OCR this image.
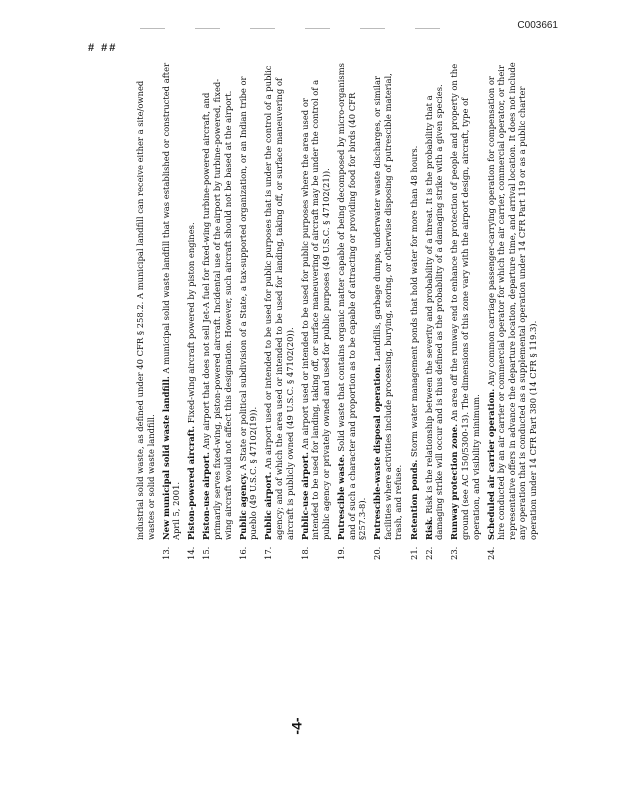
C003661
# ##
industrial solid waste, as defined under 40 CFR § 258.2. A municipal landfill can receive either a site/owned wastes or solid waste landfill.
13.
New municipal solid waste landfill. A municipal solid waste landfill that was established or constructed after April 5, 2001.
14.
Piston-powered aircraft. Fixed-wing aircraft powered by piston engines.
15.
Piston-use airport. Any airport that does not sell Jet-A fuel for fixed-wing turbine-powered aircraft, and primarily serves fixed-wing, piston-powered aircraft. Incidental use of the airport by turbine-powered, fixed-wing aircraft would not affect this designation. However, such aircraft should not be based at the airport.
16.
Public agency. A State or political subdivision of a State, a tax-supported organization, or an Indian tribe or pueblo (49 U.S.C. § 47102(19)).
17.
Public airport. An airport used or intended to be used for public purposes that is under the control of a public agency; and of which the area used or intended to be used for landing, taking off, or surface maneuvering of aircraft is publicly owned (49 U.S.C. § 47102(20)).
18.
Public-use airport. An airport used or intended to be used for public purposes where the area used or intended to be used for landing, taking off, or surface maneuvering of aircraft may be under the control of a public agency or privately owned and used for public purposes (49 U.S.C. § 47102(21)).
19.
Putrescible waste. Solid waste that contains organic matter capable of being decomposed by micro-organisms and of such a character and proportion as to be capable of attracting or providing food for birds (40 CFR §257.3-8).
20.
Putrescible-waste disposal operation. Landfills, garbage dumps, underwater waste discharges, or similar facilities where activities include processing, burying, storing, or otherwise disposing of putrescible material, trash, and refuse.
21.
Retention ponds. Storm water management ponds that hold water for more than 48 hours.
22.
Risk. Risk is the relationship between the severity and probability of a threat. It is the probability that a damaging strike will occur and is thus defined as the probability of a damaging strike with a given species.
23.
Runway protection zone. An area off the runway end to enhance the protection of people and property on the ground (see AC 150/5300-13). The dimensions of this zone vary with the airport design, aircraft, type of operation, and visibility minimum.
24.
Scheduled air carrier operation. Any common carriage passenger-carrying operation for compensation or hire conducted by an air carrier or commercial operator for which the air carrier, commercial operator, or their representative offers in advance the departure location, departure time, and arrival location. It does not include any operation that is conducted as a supplemental operation under 14 CFR Part 119 or as a public charter operation under 14 CFR Part 380 (14 CFR § 119.3).
-4-
